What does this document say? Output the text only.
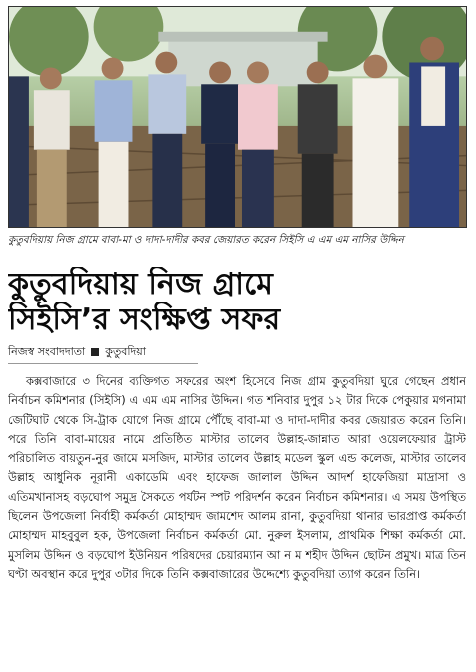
কুতুবদিয়ায় নিজ গ্রামে বাবা-মা ও দাদা-দাদীর কবর জেয়ারত করেন সিইসি এ এম এম নাসির উদ্দিন
কুতুবদিয়ায় নিজ গ্রামে
সিইসি’র সংক্ষিপ্ত সফর
নিজস্ব সংবাদদাতা কুতুবদিয়া
কক্সবাজারে ৩ দিনের ব্যক্তিগত সফরের অংশ হিসেবে নিজ গ্রাম কুতুবদিয়া ঘুরে গেছেন প্রধান নির্বাচন কমিশনার (সিইসি) এ এম এম নাসির উদ্দিন। গত শনিবার দুপুর ১২ টার দিকে পেকুয়ার মগনামা জেটিঘাট থেকে সি-ট্রাক যোগে নিজ গ্রামে পৌঁছে বাবা-মা ও দাদা-দাদীর কবর জেয়ারত করেন তিনি। পরে তিনি বাবা-মায়ের নামে প্রতিষ্ঠিত মাস্টার তালেব উল্লাহ-জান্নাত আরা ওয়েলফেয়ার ট্রাস্ট পরিচালিত বায়তুন-নুর জামে মসজিদ, মাস্টার তালেব উল্লাহ মডেল স্কুল এন্ড কলেজ, মাস্টার তালেব উল্লাহ আধুনিক নূরানী একাডেমি এবং হাফেজ জালাল উদ্দিন আদর্শ হাফেজিয়া মাদ্রাসা ও এতিমখানাসহ বড়ঘোপ সমুদ্র সৈকতে পর্যটন স্পট পরিদর্শন করেন নির্বাচন কমিশনার। এ সময় উপস্থিত ছিলেন উপজেলা নির্বাহী কর্মকর্তা মোহাম্মদ জামশেদ আলম রানা, কুতুবদিয়া থানার ভারপ্রাপ্ত কর্মকর্তা মোহাম্মদ মাহবুবুল হক, উপজেলা নির্বাচন কর্মকর্তা মো. নুরুল ইসলাম, প্রাথমিক শিক্ষা কর্মকর্তা মো. মুসলিম উদ্দিন ও বড়ঘোপ ইউনিয়ন পরিষদের চেয়ারম্যান আ ন ম শহীদ উদ্দিন ছোটন প্রমুখ। মাত্র তিন ঘণ্টা অবস্থান করে দুপুর ৩টার দিকে তিনি কক্সবাজারের উদ্দেশ্যে কুতুবদিয়া ত্যাগ করেন তিনি।
